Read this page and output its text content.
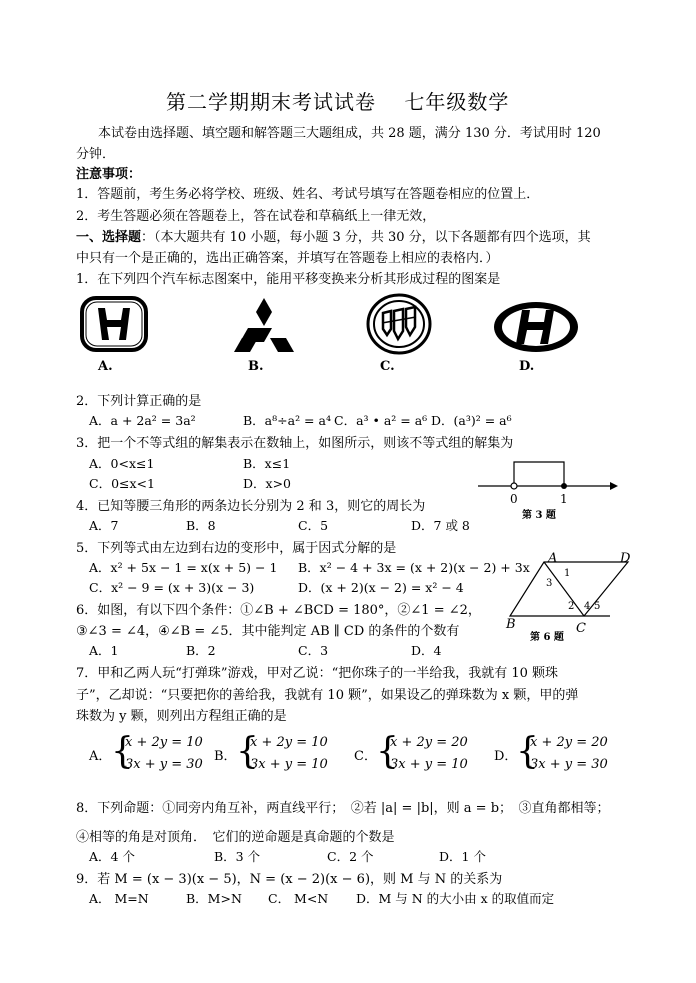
第二学期期末考试试卷　 七年级数学
本试卷由选择题、填空题和解答题三大题组成，共 28 题，满分 130 分．考试用时 120
分钟．
注意事项：
1．答题前，考生务必将学校、班级、姓名、考试号填写在答题卷相应的位置上．
2．考生答题必须在答题卷上，答在试卷和草稿纸上一律无效，
一、选择题：（本大题共有 10 小题，每小题 3 分，共 30 分，以下各题都有四个选项，其
中只有一个是正确的，选出正确答案，并填写在答题卷上相应的表格内．）
1．在下列四个汽车标志图案中，能用平移变换来分析其形成过程的图案是
A.	B.	C.	D.
2．下列计算正确的是
A．a + 2a² = 3a²	B．a⁸÷a² = a⁴ C．a³ • a² = a⁶ D．(a³)² = a⁶
3．把一个不等式组的解集表示在数轴上，如图所示，则该不等式组的解集为
A．0<x≤1	B．x≤1
C．0≤x<1	D．x>0
0	1
第 3 题
4．已知等腰三角形的两条边长分别为 2 和 3，则它的周长为
A．7	B．8	C．5	D．7 或 8
5．下列等式由左边到右边的变形中，属于因式分解的是
A．x² + 5x − 1 = x(x + 5) − 1 B．x² − 4 + 3x = (x + 2)(x − 2) + 3x
C．x² − 9 = (x + 3)(x − 3)	D．(x + 2)(x − 2) = x² − 4
A	D
B	C
1
3
2 4 5
第 6 题
6．如图，有以下四个条件：①∠B + ∠BCD = 180°，②∠1 = ∠2，
③∠3 = ∠4，④∠B = ∠5．其中能判定 AB ∥ CD 的条件的个数有
A．1	B．2	C．3	D．4
7．甲和乙两人玩“打弹珠”游戏，甲对乙说：“把你珠子的一半给我，我就有 10 颗珠
子”，乙却说：“只要把你的善给我，我就有 10 颗”，如果设乙的弹珠数为 x 颗，甲的弹
珠数为 y 颗，则列出方程组正确的是
A． {
x + 2y = 10
3x + y = 30
B． {
x + 2y = 10
3x + y = 10
C． {
x + 2y = 20
3x + y = 10
D．
{
x + 2y = 20
3x + y = 30
8．下列命题：①同旁内角互补，两直线平行；　②若 |a| = |b|，则 a = b；　③直角都相等；
④相等的角是对顶角．　它们的逆命题是真命题的个数是
A．4 个	B．3 个	C．2 个	D．1 个
9．若 M = (x − 3)(x − 5)，N = (x − 2)(x − 6)，则 M 与 N 的关系为
A． M=N	B．M>N C． M<N D．M 与 N 的大小由 x 的取值而定
